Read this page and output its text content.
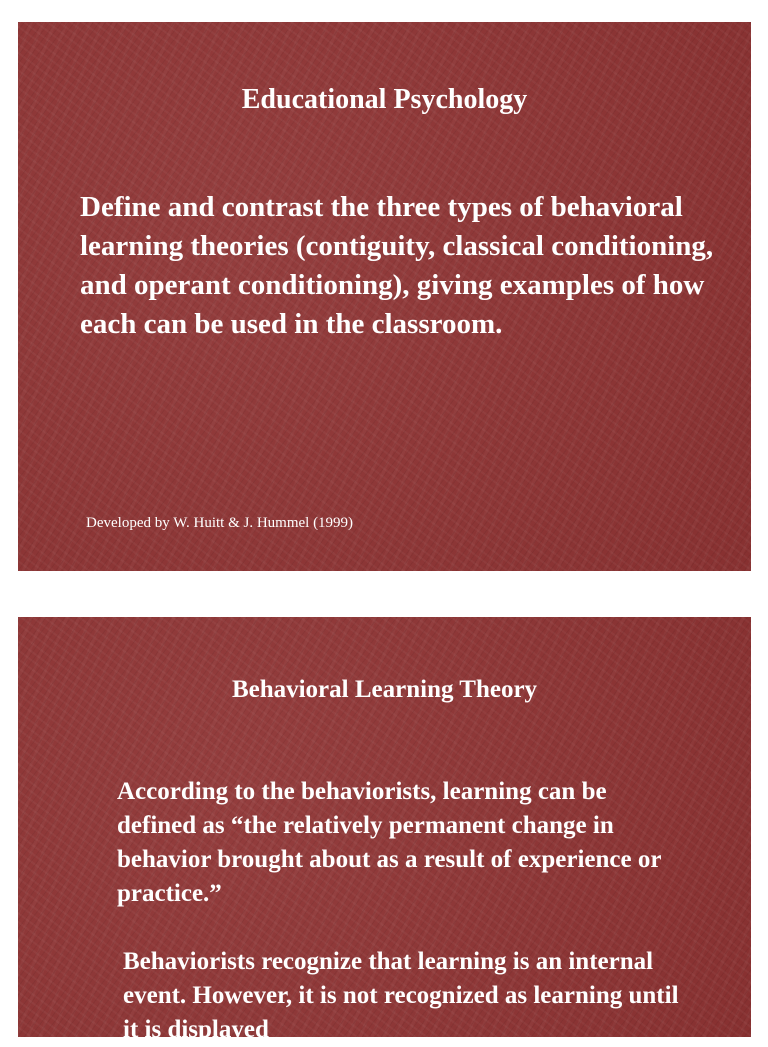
Educational Psychology

Define and contrast the three types of behavioral learning theories (contiguity, classical conditioning, and operant conditioning), giving examples of how each can be used in the classroom.

Developed by W. Huitt & J. Hummel (1999)

Behavioral Learning Theory

According to the behaviorists, learning can be defined as “the relatively permanent change in behavior brought about as a result of experience or practice.”

Behaviorists recognize that learning is an internal event. However, it is not recognized as learning until it is displayed
